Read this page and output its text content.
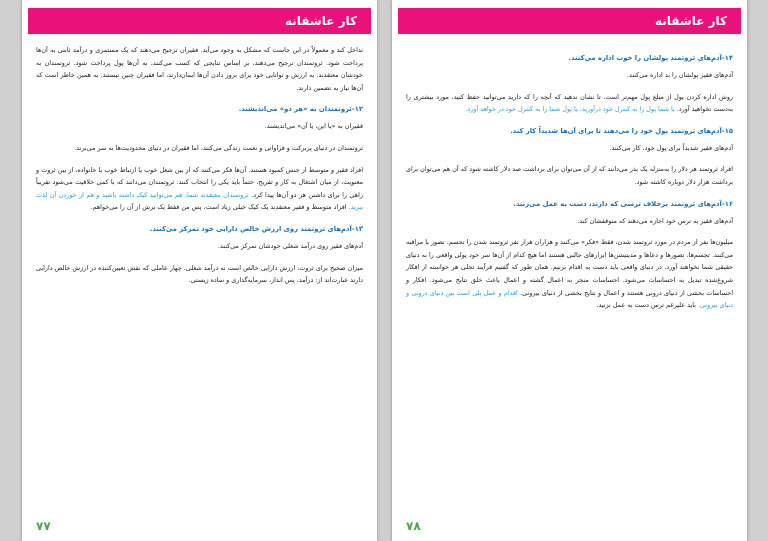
کار عاشقانه

تداخل کند و معمولاً در این جاست که مشکل به وجود می‌آید. فقیران ترجیح می‌دهند که یک مستمری و درآمد ثابتی به آن‌ها پرداخت شود. ثروتمندان ترجیح می‌دهند، بر اساس نتایجی که کسب می‌کنند، به آن‌ها پول پرداخت شود. ثروتمندان به خودشان معتقدند. به ارزش و توانایی خود برای بروز دادن آن‌ها ایمان‌دارند، اما فقیران چنین نیستند. به همین خاطر است که آن‌ها نیاز به تضمین دارند.

۱۲-ثروتمندان به «هر دو» می‌اندیشند.

فقیران به «یا این، یا آن» می‌اندیشند.

ثروتمندان در دنیای پربرکت و فراوانی و نعمت زندگی می‌کنند، اما فقیران در دنیای محدودیت‌ها به سر می‌برند.

افراد فقیر و متوسط از جنس کمبود هستند. آن‌ها فکر می‌کنند که از بین شغل خوب یا ارتباط خوب با خانواده، از بین ثروت و معنویت، از میان اشتغال به کار و تفریح، حتماً باید یکی را انتخاب کنند. ثروتمندان می‌دانند که با کمی خلاقیت می‌شود تقریباً راهی را برای داشتن هر دو آن‌ها پیدا کرد. ثروتمندان معتقدند شما، هم می‌توانید کیک داشته باشید و هم از خوردن آن لذت ببرید. افراد متوسط و فقیر معتقدند یک کیک خیلی زیاد است، پس من فقط یک برش از آن را می‌خواهم.

۱۳-آدم‌های ثروتمند روی ارزش خالص دارایی خود تمرکز می‌کنند.

آدم‌های فقیر روی درآمد شغلی خودشان تمرکز می‌کنند.

میزان صحیح برای ثروت، ارزش دارایی خالص است نه درآمد شغلی. چهار عاملی که نقش تعیین‌کننده در ارزش خالص دارایی دارند عبارت‌اند از: درآمد، پس انداز، سرمایه‌گذاری و ساده زیستی.

۷۷
کار عاشقانه
۱۴-آدم‌های ثروتمند پولشان را خوب اداره می‌کنند.

آدم‌های فقیر پولشان را بد اداره می‌کنند.

روش اداره کردن پول از مبلغ پول مهم‌تر است. تا نشان ندهید که آنچه را که دارید می‌توانید حفظ کنید، مورد بیشتری را به‌دست نخواهید آورد. یا شما پول را به کنترل خود درآورید، یا پول شما را به کنترل خود در خواهد آورد.

۱۵-آدم‌های ثروتمند پول خود را می‌دهند تا برای آن‌ها شدیداً کار کند.

آدم‌های فقیر شدیداً برای پول خود، کار می‌کنند.

افراد ثروتمند هر دلار را به‌منزله یک بذر می‌دانند که از آن می‌توان برای برداشت صد دلار کاشته شود که آن هم می‌توان برای برداشت هزار دلار دوباره کاشته شود.

۱۶-آدم‌های ثروتمند برخلاف ترسی که دارند، دست به عمل می‌زنند.

آدم‌های فقیر به ترس خود اجازه می‌دهند که متوقفشان کند.

میلیون‌ها نفر از مردم در مورد ثروتمند شدن، فقط «فکر» می‌کنند و هزاران هزار نفر ثروتمند شدن را تجسم، تصور یا مراقبه می‌کنند. تجسم‌ها، تصورها و دعاها و مدیتیشن‌ها ابزارهای جالبی هستند اما هیچ کدام از آن‌ها سر خود پولی واقعی را به دنیای حقیقی شما نخواهند آورد. در دنیای واقعی باید دست به اقدام بزنیم. همان طور که گفتیم فرآیند تجلی هر خواسته از افکار شروع‌شده تبدیل به احساسات می‌شود. احساسات منجر به اعمال گشته و اعمال باعث خلق نتایج می‌شود. افکار و احساسات بخشی از دنیای درونی هستند و اعمال و نتایج بخشی از دنیای بیرونی. اقدام و عمل پلی است بین دنیای درونی و دنیای بیرونی. باید علیرغم ترس دست به عمل بزنید.

۷۸
